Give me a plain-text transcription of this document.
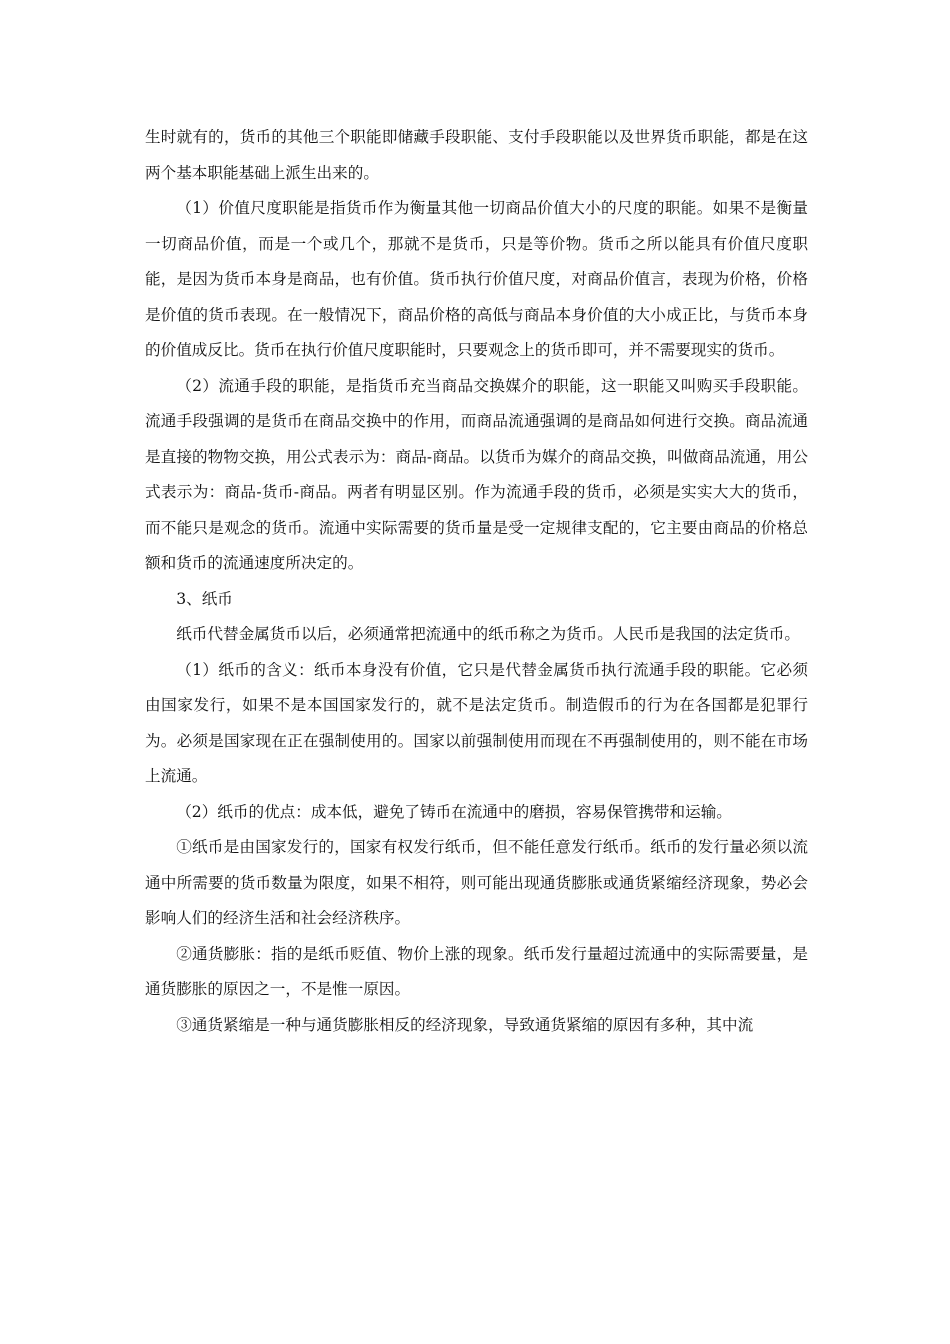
生时就有的，货币的其他三个职能即储藏手段职能、支付手段职能以及世界货币职能，都是在这两个基本职能基础上派生出来的。

（1）价值尺度职能是指货币作为衡量其他一切商品价值大小的尺度的职能。如果不是衡量一切商品价值，而是一个或几个，那就不是货币，只是等价物。货币之所以能具有价值尺度职能，是因为货币本身是商品，也有价值。货币执行价值尺度，对商品价值言，表现为价格，价格是价值的货币表现。在一般情况下，商品价格的高低与商品本身价值的大小成正比，与货币本身的价值成反比。货币在执行价值尺度职能时，只要观念上的货币即可，并不需要现实的货币。

（2）流通手段的职能，是指货币充当商品交换媒介的职能，这一职能又叫购买手段职能。流通手段强调的是货币在商品交换中的作用，而商品流通强调的是商品如何进行交换。商品流通是直接的物物交换，用公式表示为：商品-商品。以货币为媒介的商品交换，叫做商品流通，用公式表示为：商品-货币-商品。两者有明显区别。作为流通手段的货币，必须是实实大大的货币，而不能只是观念的货币。流通中实际需要的货币量是受一定规律支配的，它主要由商品的价格总额和货币的流通速度所决定的。

3、纸币

纸币代替金属货币以后，必须通常把流通中的纸币称之为货币。人民币是我国的法定货币。

（1）纸币的含义：纸币本身没有价值，它只是代替金属货币执行流通手段的职能。它必须由国家发行，如果不是本国国家发行的，就不是法定货币。制造假币的行为在各国都是犯罪行为。必须是国家现在正在强制使用的。国家以前强制使用而现在不再强制使用的，则不能在市场上流通。

（2）纸币的优点：成本低，避免了铸币在流通中的磨损，容易保管携带和运输。

①纸币是由国家发行的，国家有权发行纸币，但不能任意发行纸币。纸币的发行量必须以流通中所需要的货币数量为限度，如果不相符，则可能出现通货膨胀或通货紧缩经济现象，势必会影响人们的经济生活和社会经济秩序。

②通货膨胀：指的是纸币贬值、物价上涨的现象。纸币发行量超过流通中的实际需要量，是通货膨胀的原因之一，不是惟一原因。

③通货紧缩是一种与通货膨胀相反的经济现象，导致通货紧缩的原因有多种，其中流
